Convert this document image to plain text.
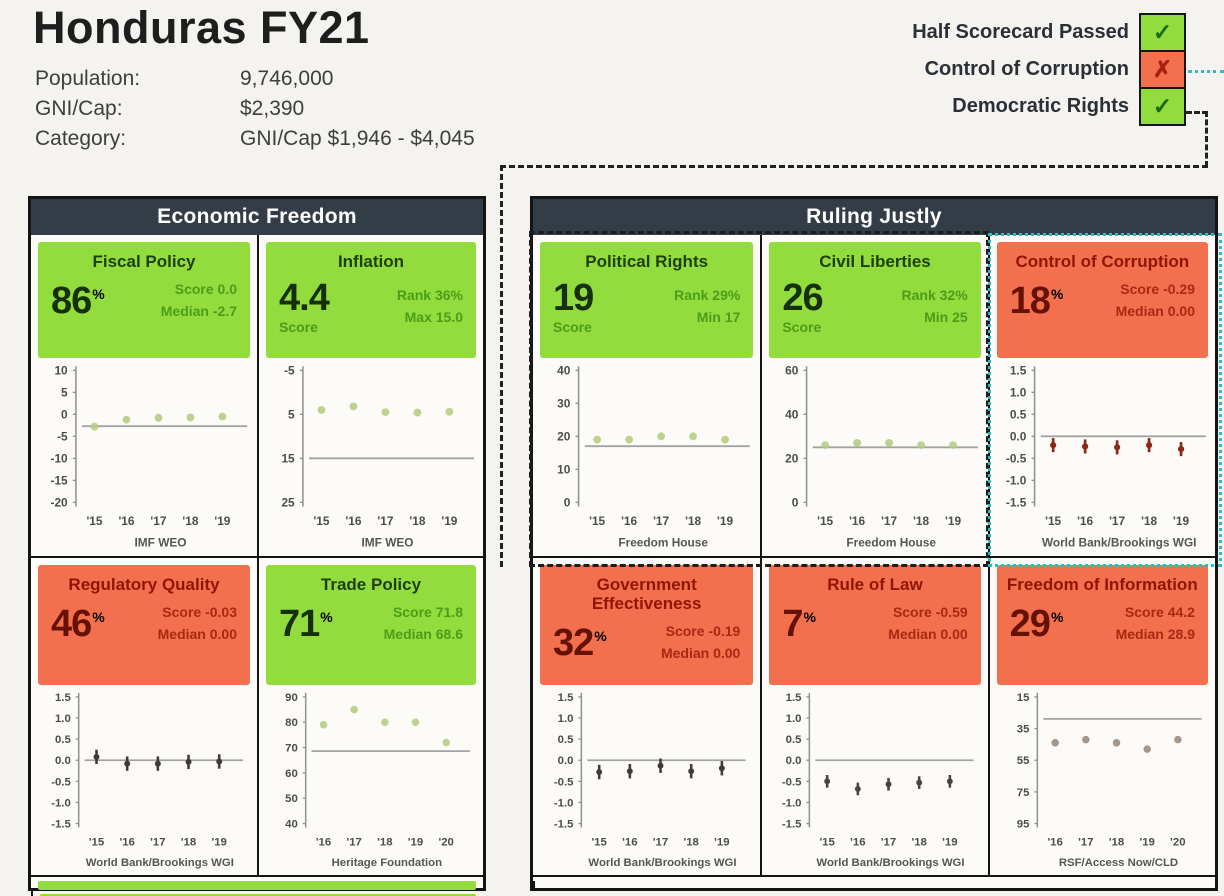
Honduras FY21
Population:	9,746,000
GNI/Cap:	$2,390
Category:	GNI/Cap $1,946 - $4,045
Half Scorecard Passed	✓
Control of Corruption	✗
Democratic Rights	✓
Economic Freedom
Fiscal Policy
86%	Score 0.0
Median -2.7
10
5
0
-5
-10
-15
-20
'15 '16 '17 '18 '19
IMF WEO
Inflation
4.4
Score
Rank 36%
Max 15.0
-5
5
15
25
'15 '16 '17 '18 '19
IMF WEO
Regulatory Quality
46%	Score -0.03
Median 0.00
1.5
1.0
0.5
0.0
-0.5
-1.0
-1.5
'15 '16 '17 '18 '19
World Bank/Brookings WGI
Trade Policy
71%	Score 71.8
Median 68.6
90
80
70
60
50
40
'16 '17 '18 '19 '20
Heritage Foundation
Ruling Justly
Political Rights
19
Score
Rank 29%
Min 17
40
30
20
10
0
'15 '16 '17 '18 '19
Freedom House
Civil Liberties
26
Score
Rank 32%
Min 25
60
40
20
0
'15 '16 '17 '18 '19
Freedom House
Control of Corruption
18%	Score -0.29
Median 0.00
1.5
1.0
0.5
0.0
-0.5
-1.0
-1.5
'15 '16 '17 '18 '19
World Bank/Brookings WGI
Government Effectiveness
32%	Score -0.19
Median 0.00
1.5
1.0
0.5
0.0
-0.5
-1.0
-1.5
'15 '16 '17 '18 '19
World Bank/Brookings WGI
Rule of Law
7%	Score -0.59
Median 0.00
1.5
1.0
0.5
0.0
-0.5
-1.0
-1.5
'15 '16 '17 '18 '19
World Bank/Brookings WGI
Freedom of Information
29%	Score 44.2
Median 28.9
15
35
55
75
95
'16 '17 '18 '19 '20
RSF/Access Now/CLD
